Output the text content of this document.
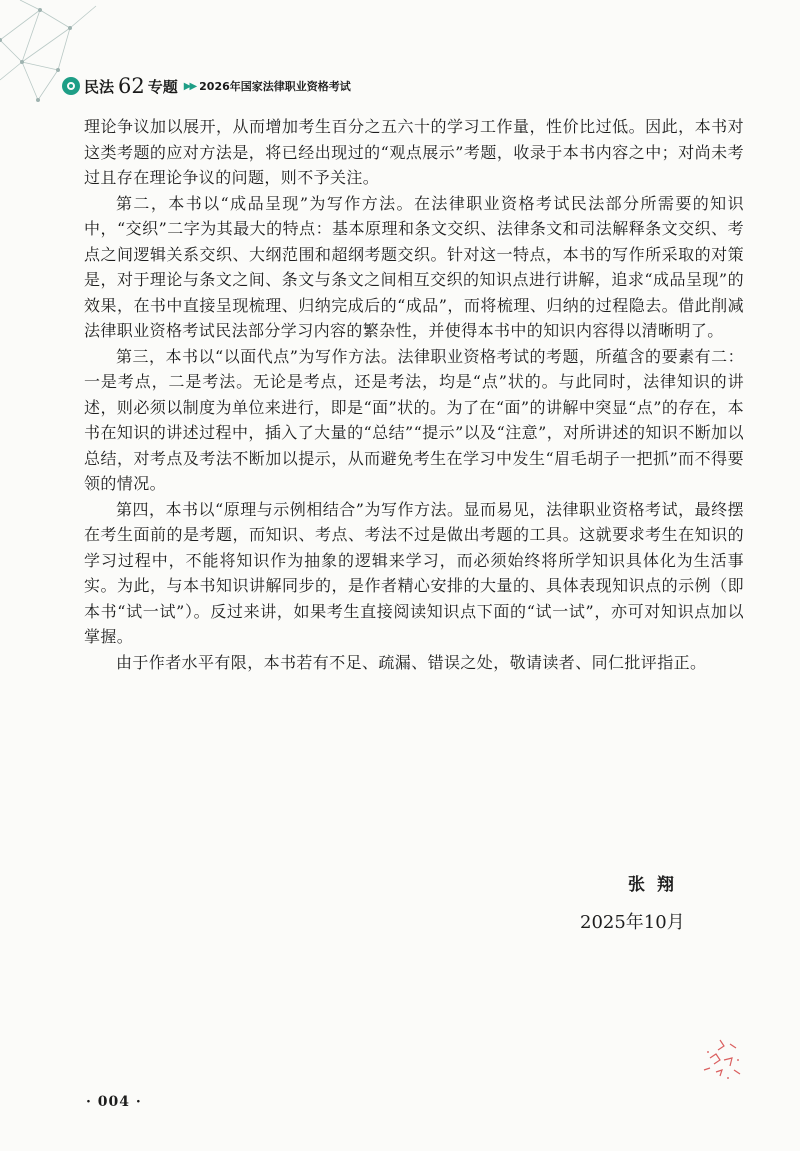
民法 62 专题 ▶▶ 2026年国家法律职业资格考试

理论争议加以展开，从而增加考生百分之五六十的学习工作量，性价比过低。因此，本书对这类考题的应对方法是，将已经出现过的“观点展示”考题，收录于本书内容之中；对尚未考过且存在理论争议的问题，则不予关注。

第二，本书以“成品呈现”为写作方法。在法律职业资格考试民法部分所需要的知识中，“交织”二字为其最大的特点：基本原理和条文交织、法律条文和司法解释条文交织、考点之间逻辑关系交织、大纲范围和超纲考题交织。针对这一特点，本书的写作所采取的对策是，对于理论与条文之间、条文与条文之间相互交织的知识点进行讲解，追求“成品呈现”的效果，在书中直接呈现梳理、归纳完成后的“成品”，而将梳理、归纳的过程隐去。借此削减法律职业资格考试民法部分学习内容的繁杂性，并使得本书中的知识内容得以清晰明了。

第三，本书以“以面代点”为写作方法。法律职业资格考试的考题，所蕴含的要素有二：一是考点，二是考法。无论是考点，还是考法，均是“点”状的。与此同时，法律知识的讲述，则必须以制度为单位来进行，即是“面”状的。为了在“面”的讲解中突显“点”的存在，本书在知识的讲述过程中，插入了大量的“总结”“提示”以及“注意”，对所讲述的知识不断加以总结，对考点及考法不断加以提示，从而避免考生在学习中发生“眉毛胡子一把抓”而不得要领的情况。

第四，本书以“原理与示例相结合”为写作方法。显而易见，法律职业资格考试，最终摆在考生面前的是考题，而知识、考点、考法不过是做出考题的工具。这就要求考生在知识的学习过程中，不能将知识作为抽象的逻辑来学习，而必须始终将所学知识具体化为生活事实。为此，与本书知识讲解同步的，是作者精心安排的大量的、具体表现知识点的示例（即本书“试一试”）。反过来讲，如果考生直接阅读知识点下面的“试一试”，亦可对知识点加以掌握。

由于作者水平有限，本书若有不足、疏漏、错误之处，敬请读者、同仁批评指正。

张翔
2025年10月
· 004 ·
